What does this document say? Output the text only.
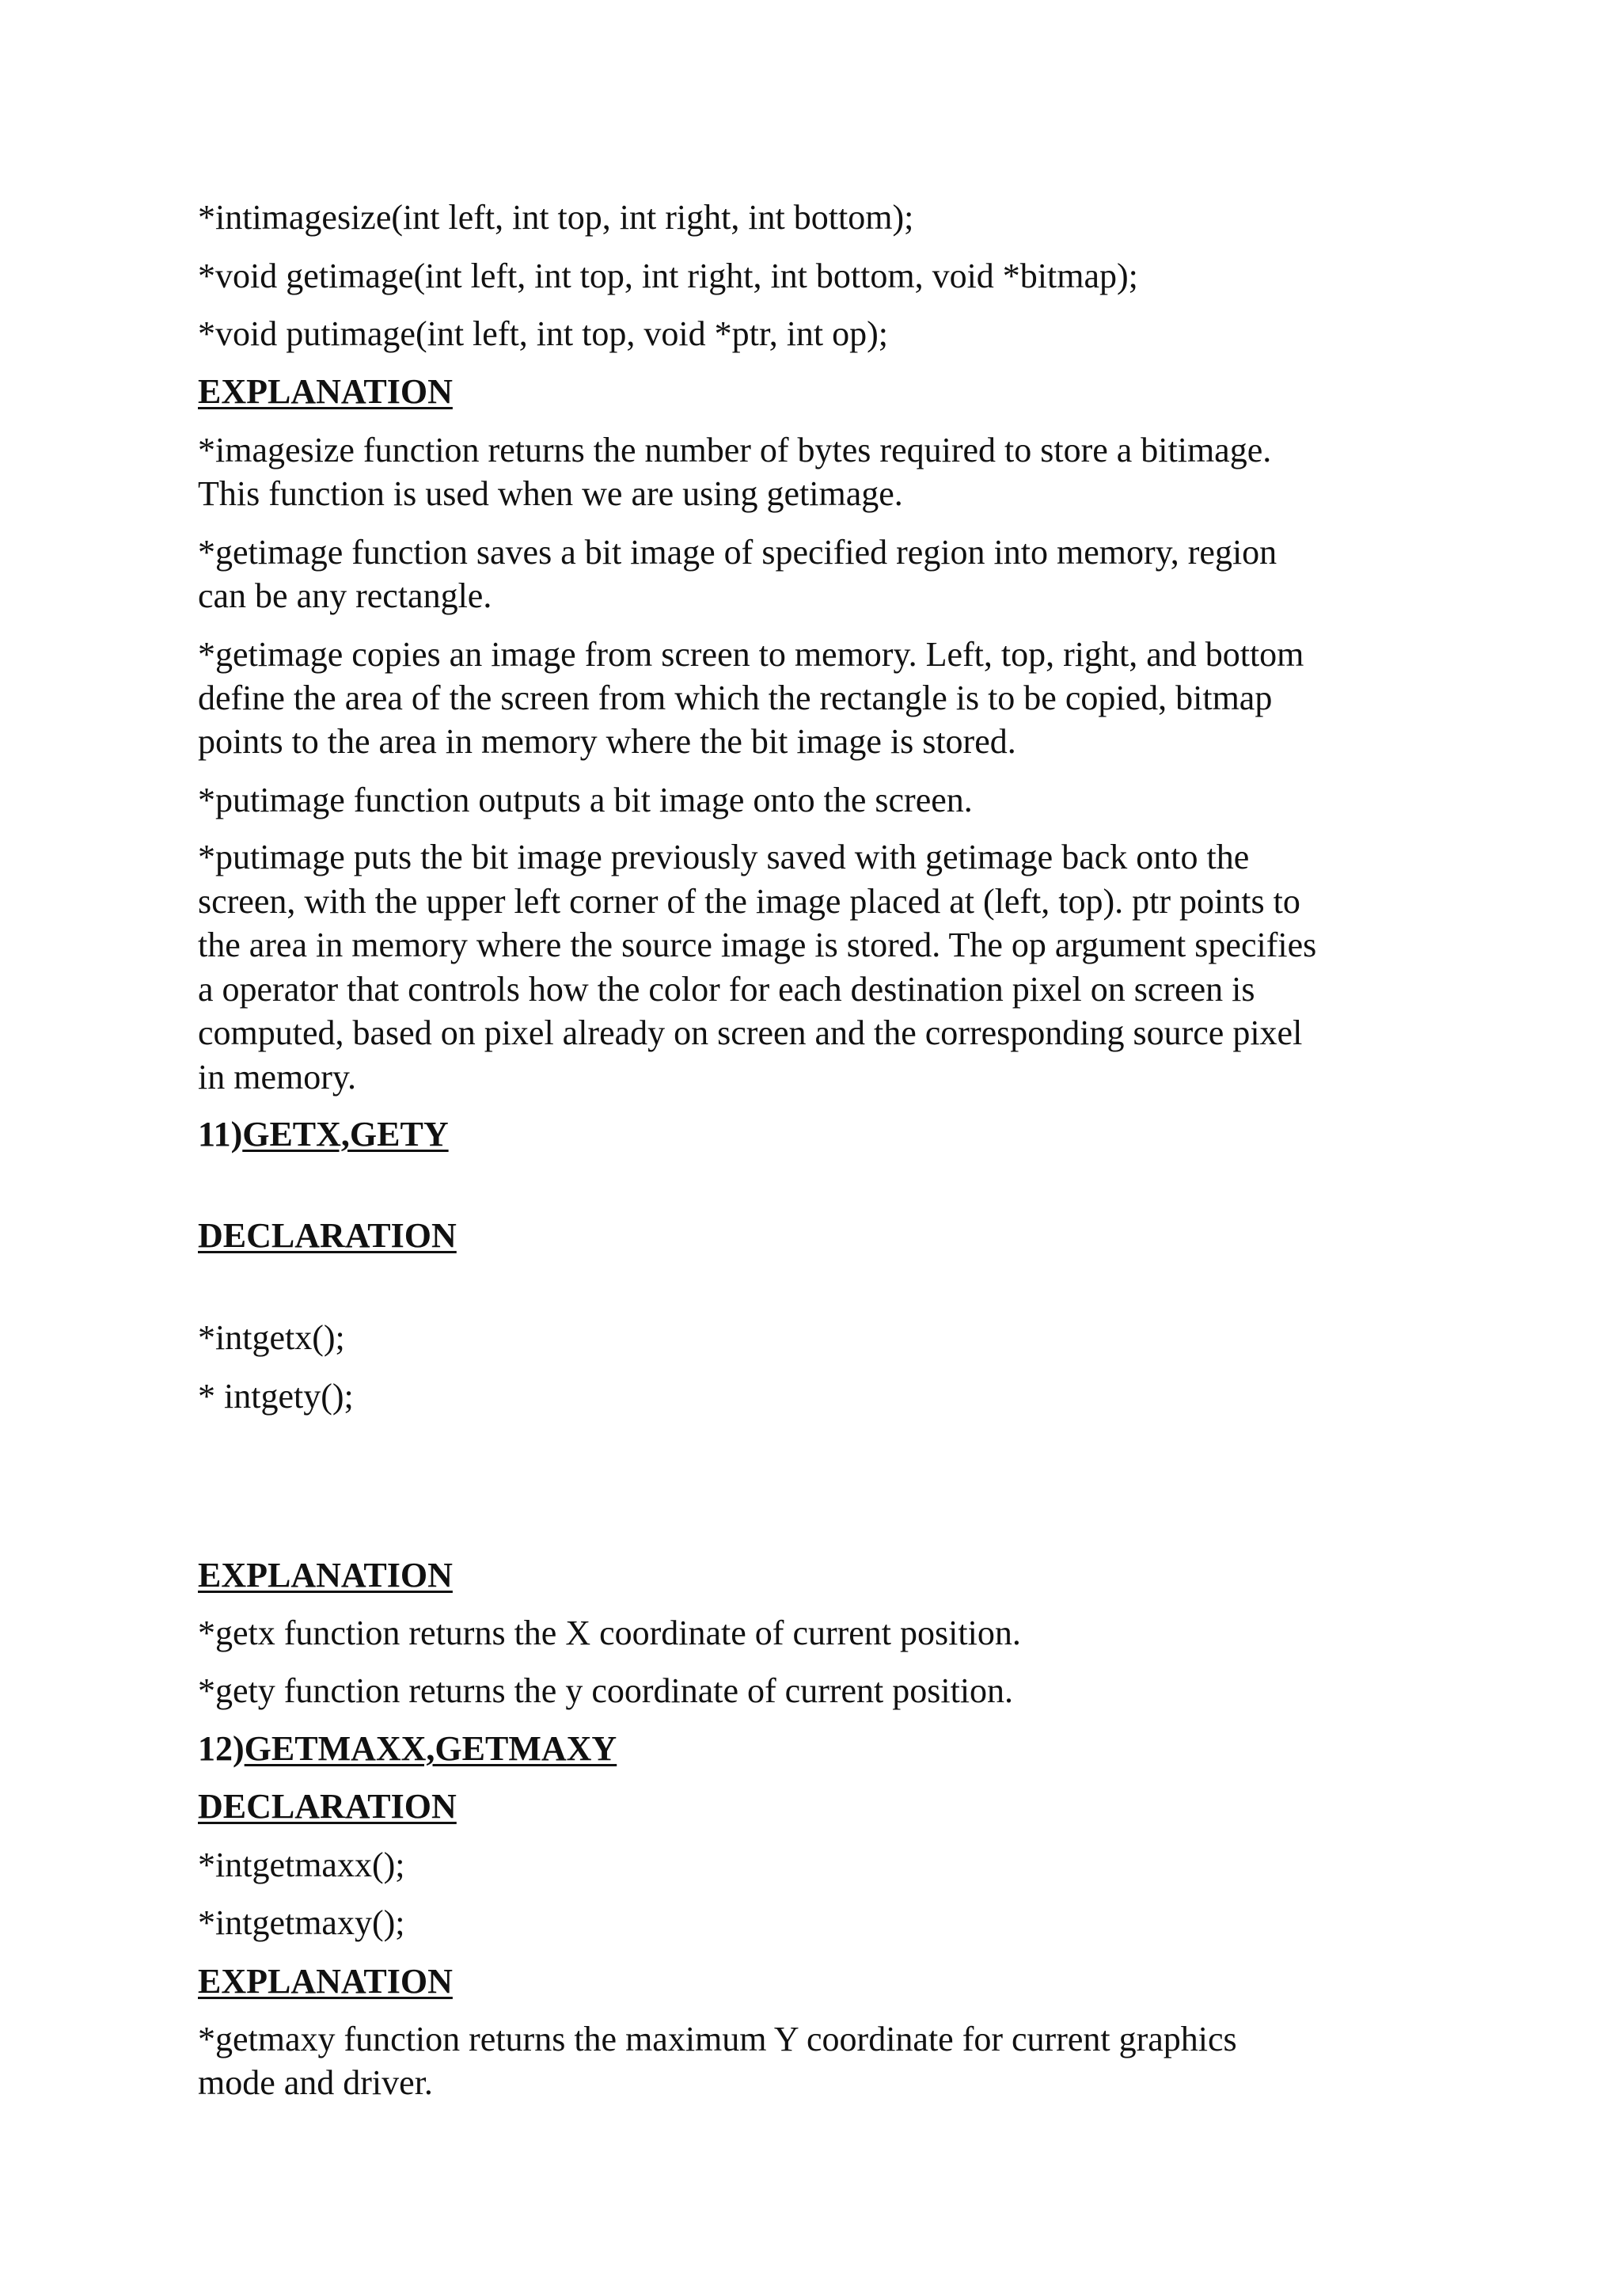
*intimagesize(int left, int top, int right, int bottom);
*void getimage(int left, int top, int right, int bottom, void *bitmap);
*void putimage(int left, int top, void *ptr, int op);
EXPLANATION
*imagesize function returns the number of bytes required to store a bitimage.
This function is used when we are using getimage.
*getimage function saves a bit image of specified region into memory, region
can be any rectangle.
*getimage copies an image from screen to memory. Left, top, right, and bottom
define the area of the screen from which the rectangle is to be copied, bitmap
points to the area in memory where the bit image is stored.
*putimage function outputs a bit image onto the screen.
*putimage puts the bit image previously saved with getimage back onto the
screen, with the upper left corner of the image placed at (left, top). ptr points to
the area in memory where the source image is stored. The op argument specifies
a operator that controls how the color for each destination pixel on screen is
computed, based on pixel already on screen and the corresponding source pixel
in memory.
11)GETX,GETY
DECLARATION
*intgetx();
* intgety();
EXPLANATION
*getx function returns the X coordinate of current position.
*gety function returns the y coordinate of current position.
12)GETMAXX,GETMAXY
DECLARATION
*intgetmaxx();
*intgetmaxy();
EXPLANATION
*getmaxy function returns the maximum Y coordinate for current graphics
mode and driver.
